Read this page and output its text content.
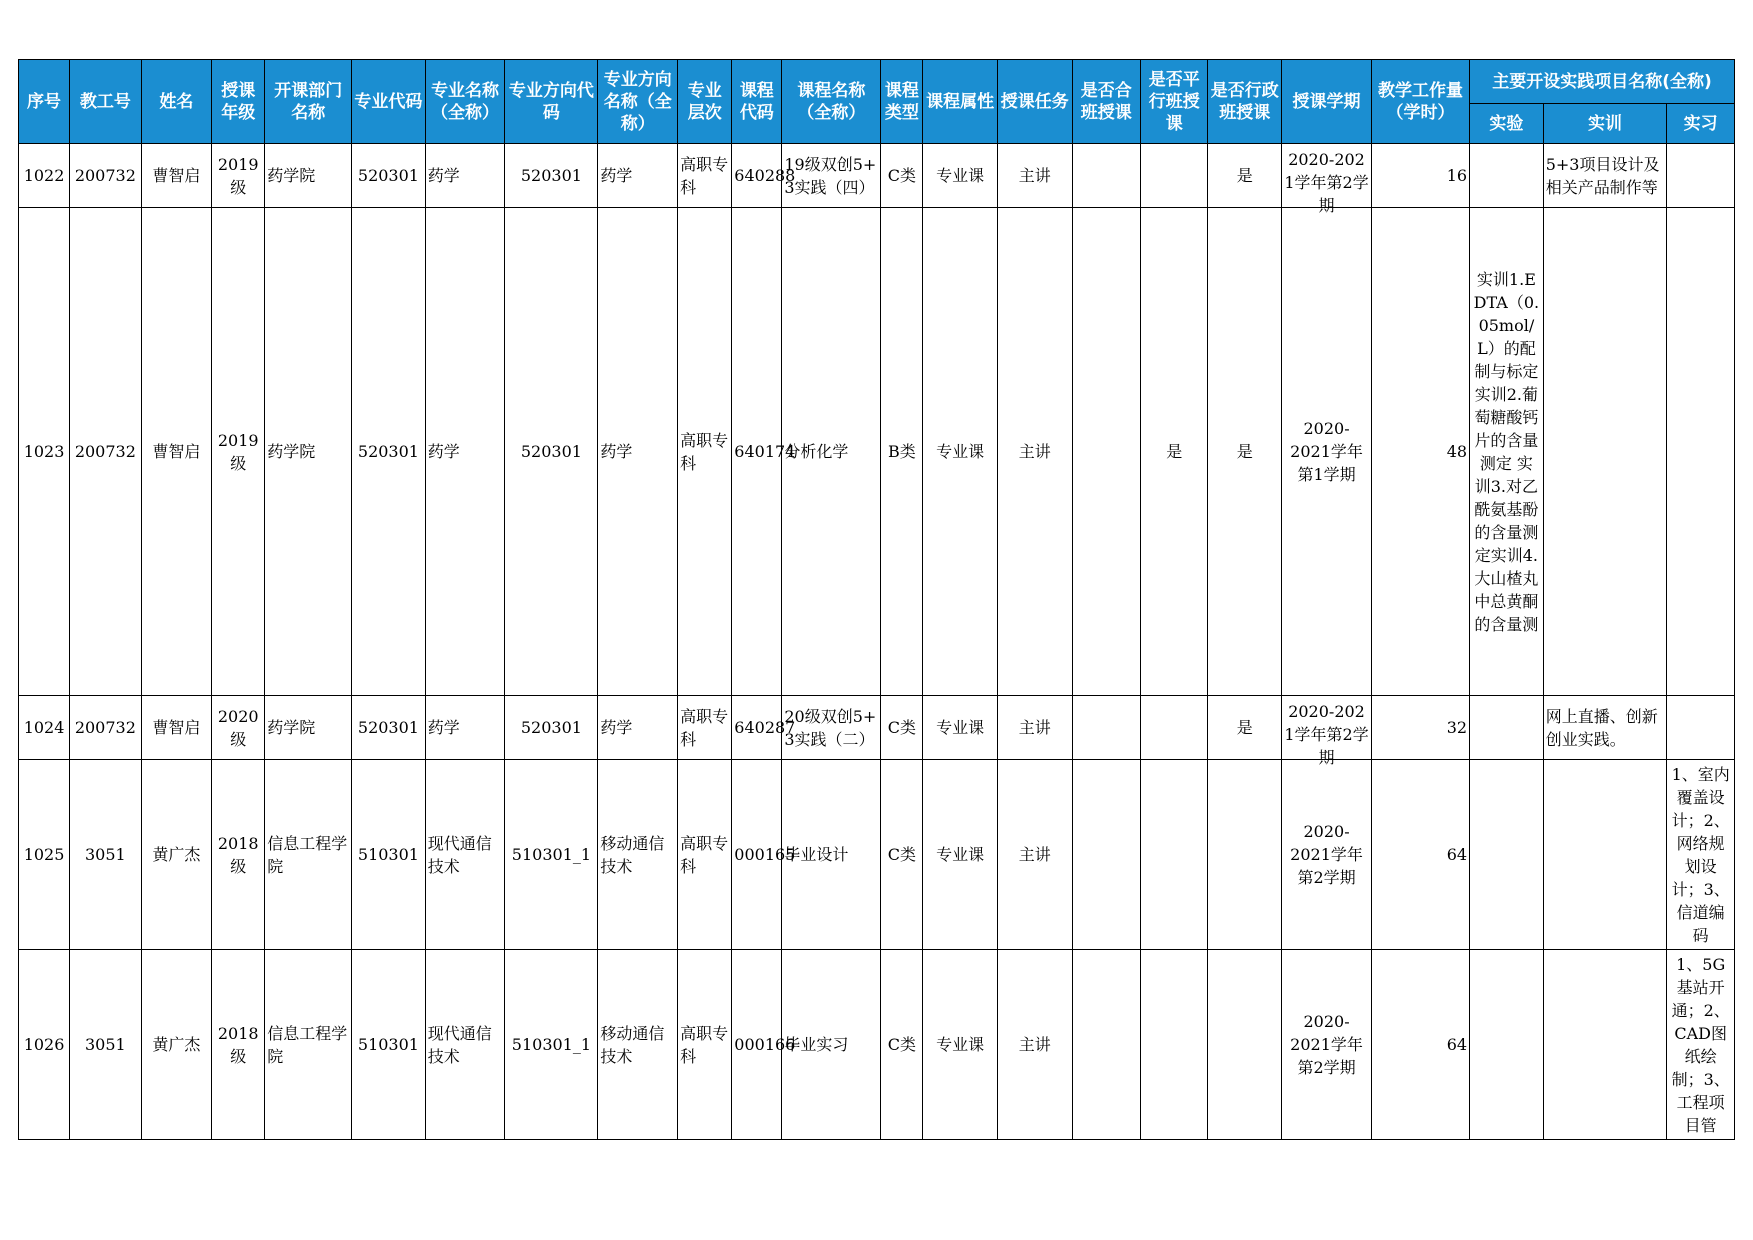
序号	教工号	姓名	授课年级	开课部门名称	专业代码	专业名称（全称）	专业方向代码	专业方向名称（全称）	专业层次	课程代码	课程名称（全称）	课程类型	课程属性	授课任务	是否合班授课	是否平行班授课	是否行政班授课	授课学期	教学工作量（学时）	主要开设实践项目名称(全称)		

																				实验	实训	实习
1022	200732	曹智启	2019级	药学院	520301	药学	520301	药学	高职专科	640288	19级双创5+3实践（四）	C类	专业课	主讲			是	2020-2021学年第2学期	16		5+3项目设计及相关产品制作等	

1023	200732	曹智启	2019级	药学院	520301	药学	520301	药学	高职专科	640174	分析化学	B类	专业课	主讲		是	是	2020-2021学年第1学期	48	实训1.EDTA（0.05mol/L）的配制与标定 实训2.葡萄糖酸钙片的含量测定 实训3.对乙酰氨基酚的含量测定实训4.大山楂丸中总黄酮的含量测		

1024	200732	曹智启	2020级	药学院	520301	药学	520301	药学	高职专科	640287	20级双创5+3实践（二）	C类	专业课	主讲			是	2020-2021学年第2学期	32		网上直播、创新创业实践。	

1025	3051	黄广杰	2018级	信息工程学院	510301	现代通信技术	510301_1	移动通信技术	高职专科	000165	毕业设计	C类	专业课	主讲				2020-2021学年第2学期	64			1、室内覆盖设计；2、网络规划设计；3、信道编码

1026	3051	黄广杰	2018级	信息工程学院	510301	现代通信技术	510301_1	移动通信技术	高职专科	000166	毕业实习	C类	专业课	主讲				2020-2021学年第2学期	64			1、5G基站开通；2、CAD图纸绘制；3、工程项目管
